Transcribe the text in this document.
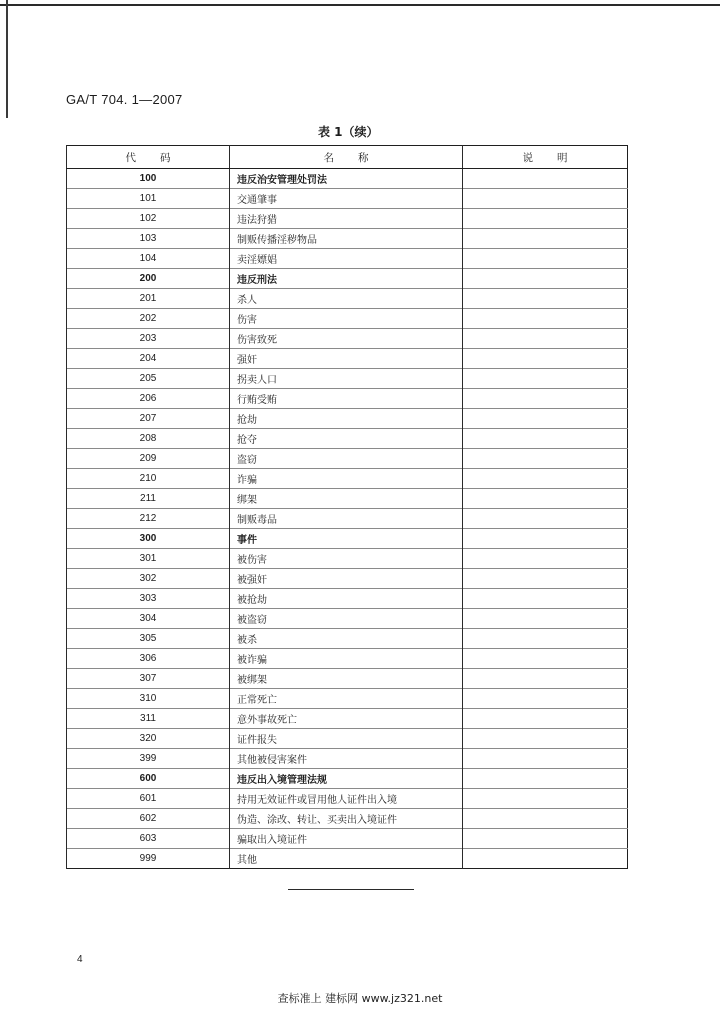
GA/T 704. 1—2007
表 1（续）
代码	名称	说明
100	违反治安管理处罚法	
101	交通肇事	
102	违法狩猎	
103	制贩传播淫秽物品	
104	卖淫嫖娼	
200	违反刑法	
201	杀人	
202	伤害	
203	伤害致死	
204	强奸	
205	拐卖人口	
206	行贿受贿	
207	抢劫	
208	抢夺	
209	盗窃	
210	诈骗	
211	绑架	
212	制贩毒品	
300	事件	
301	被伤害	
302	被强奸	
303	被抢劫	
304	被盗窃	
305	被杀	
306	被诈骗	
307	被绑架	
310	正常死亡	
311	意外事故死亡	
320	证件报失	
399	其他被侵害案件	
600	违反出入境管理法规	
601	持用无效证件或冒用他人证件出入境	
602	伪造、涂改、转让、买卖出入境证件	
603	骗取出入境证件	
999	其他	
4
查标准上 建标网 www.jz321.net
